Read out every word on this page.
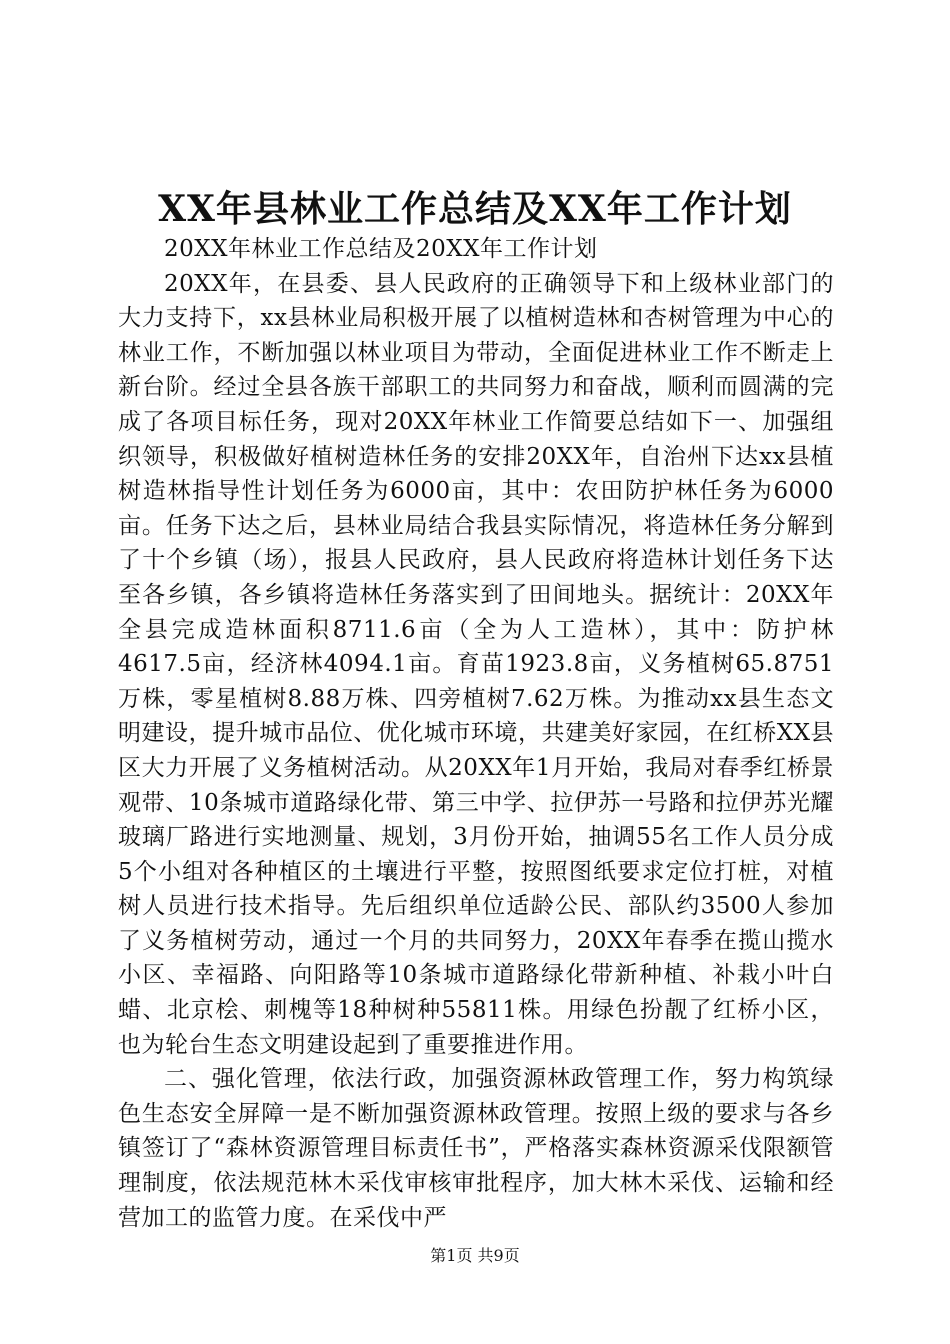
XX年县林业工作总结及XX年工作计划

20XX年林业工作总结及20XX年工作计划

20XX年，在县委、县人民政府的正确领导下和上级林业部门的大力支持下，xx县林业局积极开展了以植树造林和杏树管理为中心的林业工作，不断加强以林业项目为带动，全面促进林业工作不断走上新台阶。经过全县各族干部职工的共同努力和奋战，顺利而圆满的完成了各项目标任务，现对20XX年林业工作简要总结如下一、加强组织领导，积极做好植树造林任务的安排20XX年，自治州下达xx县植树造林指导性计划任务为6000亩，其中：农田防护林任务为6000亩。任务下达之后，县林业局结合我县实际情况，将造林任务分解到了十个乡镇（场），报县人民政府，县人民政府将造林计划任务下达至各乡镇，各乡镇将造林任务落实到了田间地头。据统计：20XX年全县完成造林面积8711.6亩（全为人工造林），其中：防护林4617.5亩，经济林4094.1亩。育苗1923.8亩，义务植树65.8751万株，零星植树8.88万株、四旁植树7.62万株。为推动xx县生态文明建设，提升城市品位、优化城市环境，共建美好家园，在红桥XX县区大力开展了义务植树活动。从20XX年1月开始，我局对春季红桥景观带、10条城市道路绿化带、第三中学、拉伊苏一号路和拉伊苏光耀玻璃厂路进行实地测量、规划，3月份开始，抽调55名工作人员分成5个小组对各种植区的土壤进行平整，按照图纸要求定位打桩，对植树人员进行技术指导。先后组织单位适龄公民、部队约3500人参加了义务植树劳动，通过一个月的共同努力，20XX年春季在揽山揽水小区、幸福路、向阳路等10条城市道路绿化带新种植、补栽小叶白蜡、北京桧、刺槐等18种树种55811株。用绿色扮靓了红桥小区，也为轮台生态文明建设起到了重要推进作用。

二、强化管理，依法行政，加强资源林政管理工作，努力构筑绿色生态安全屏障一是不断加强资源林政管理。按照上级的要求与各乡镇签订了“森林资源管理目标责任书”，严格落实森林资源采伐限额管理制度，依法规范林木采伐审核审批程序，加大林木采伐、运输和经营加工的监管力度。在采伐中严

第1页 共9页
